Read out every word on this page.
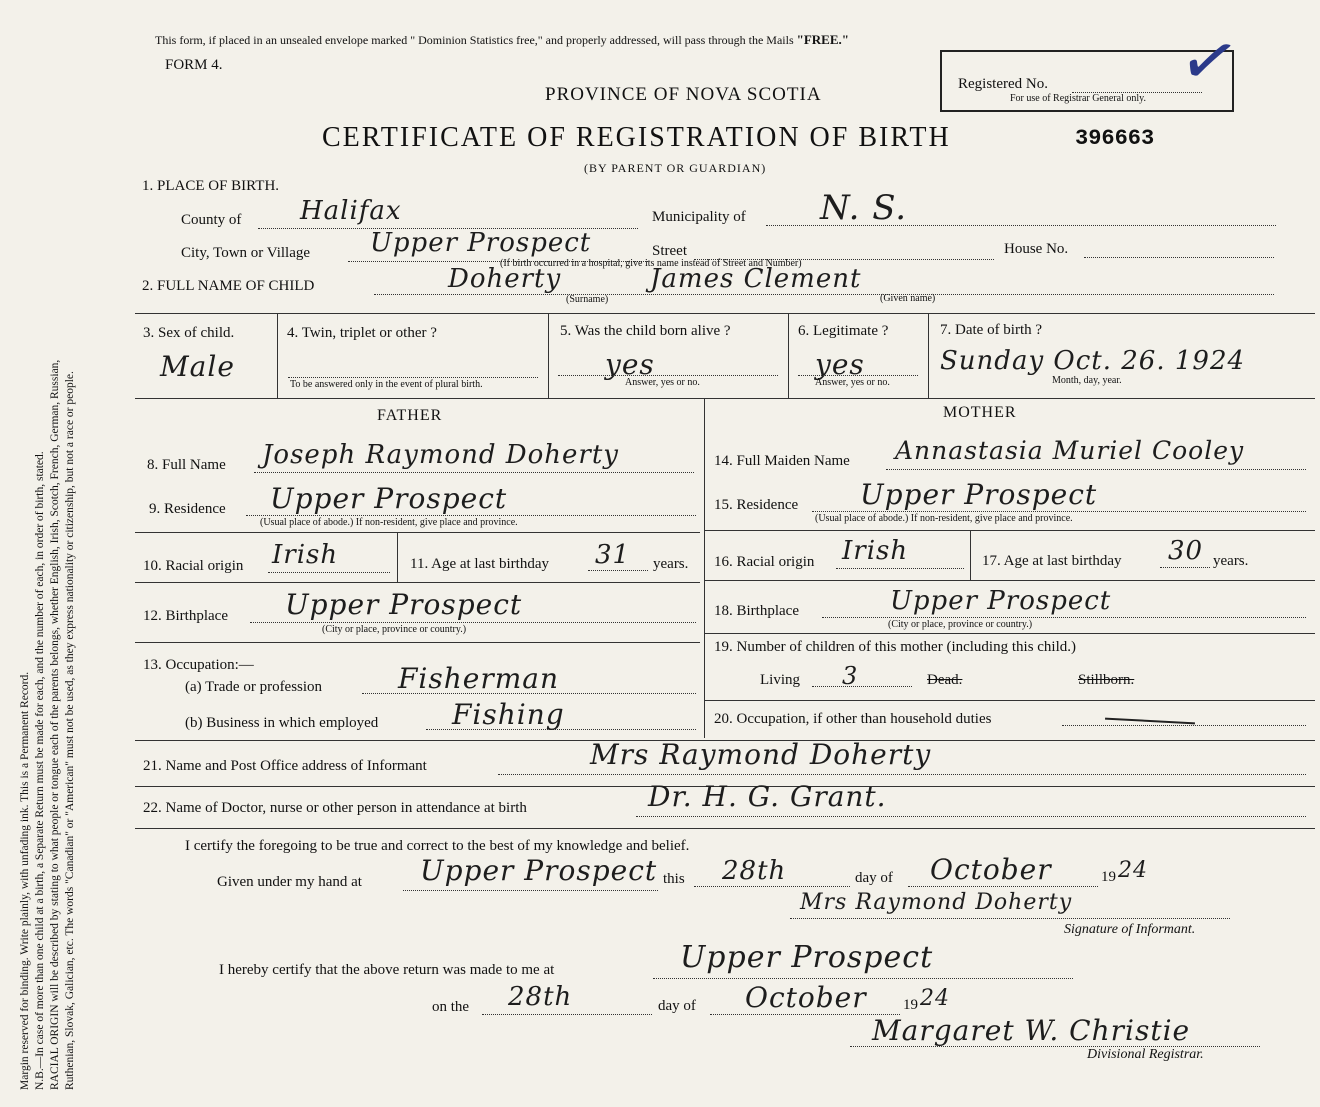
Margin reserved for binding. Write plainly, with unfading ink. This is a Permanent Record. N.B.—In case of more than one child at a birth, a Separate Return must be made for each, and the number of each, in order of birth, stated. RACIAL ORIGIN will be described by stating to what people or tongue each of the parents belongs, whether English, Irish, Scotch, French, German, Russian, Ruthenian, Slovak, Galician, etc. The words "Canadian" or "American" must not be used, as they express nationality or citizenship, but not a race or people.
This form, if placed in an unsealed envelope marked " Dominion Statistics free," and properly addressed, will pass through the Mails "FREE."
FORM 4.
PROVINCE OF NOVA SCOTIA
CERTIFICATE OF REGISTRATION OF BIRTH	396663
(BY PARENT OR GUARDIAN)
Registered No.
For use of Registrar General only. ✓
1. PLACE OF BIRTH.
County of Halifax	Municipality of N. S.
City, Town or Village Upper Prospect	Street
(If birth occurred in a hospital, give its name instead of Street and Number)
House No.
2. FULL NAME OF CHILD	Doherty
(Surname)
James Clement
(Given name)
3. Sex of child.
Male
4. Twin, triplet or other ?
To be answered only in the event of plural birth.
5. Was the child born alive ?
yes
Answer, yes or no.
6. Legitimate ?
yes
Answer, yes or no.
7. Date of birth ?
Sunday Oct. 26. 1924
Month, day, year.
FATHER	MOTHER
8. Full Name Joseph Raymond Doherty
9. Residence Upper Prospect
(Usual place of abode.) If non-resident, give place and province.
10. Racial origin Irish	11. Age at last birthday 31 years.
12. Birthplace Upper Prospect
(City or place, province or country.)
13. Occupation:—
(a) Trade or profession	Fisherman
(b) Business in which employed	Fishing
14. Full Maiden Name Annastasia Muriel Cooley
15. Residence Upper Prospect
(Usual place of abode.) If non-resident, give place and province.
16. Racial origin Irish	17. Age at last birthday 30 years.
18. Birthplace	Upper Prospect
(City or place, province or country.)
19. Number of children of this mother (including this child.)
Living 3	Dead.	Stillborn.
20. Occupation, if other than household duties
21. Name and Post Office address of Informant	Mrs Raymond Doherty
22. Name of Doctor, nurse or other person in attendance at birth	Dr. H. G. Grant.
I certify the foregoing to be true and correct to the best of my knowledge and belief.
Given under my hand at Upper Prospect this 28th	day of October	19 24
Mrs Raymond Doherty
Signature of Informant.
I hereby certify that the above return was made to me at	Upper Prospect
on the 28th	day of October 19 24
Margaret W. Christie
Divisional Registrar.
